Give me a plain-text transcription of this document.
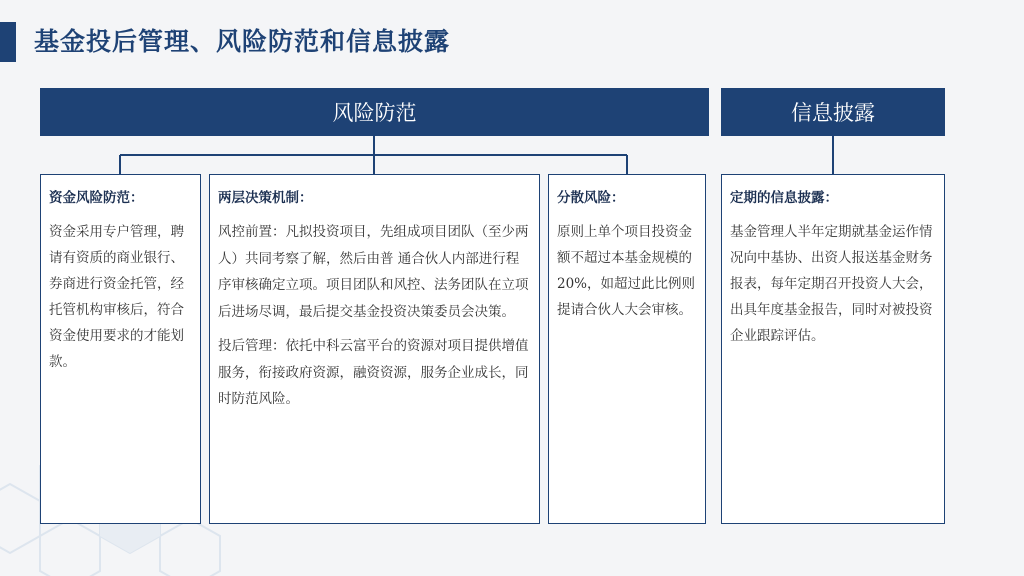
基金投后管理、风险防范和信息披露
风险防范	信息披露
资金风险防范：

资金采用专户管理，聘请有资质的商业银行、券商进行资金托管，经托管机构审核后，符合资金使用要求的才能划款。

两层决策机制：

风控前置：凡拟投资项目，先组成项目团队（至少两人）共同考察了解，然后由普 通合伙人内部进行程序审核确定立项。项目团队和风控、法务团队在立项后进场尽调，最后提交基金投资决策委员会决策。

投后管理：依托中科云富平台的资源对项目提供增值服务，衔接政府资源，融资资源，服务企业成长，同时防范风险。

分散风险：

原则上单个项目投资金额不超过本基金规模的20%，如超过此比例则提请合伙人大会审核。

定期的信息披露：

基金管理人半年定期就基金运作情况向中基协、出资人报送基金财务报表，每年定期召开投资人大会，出具年度基金报告，同时对被投资企业跟踪评估。
